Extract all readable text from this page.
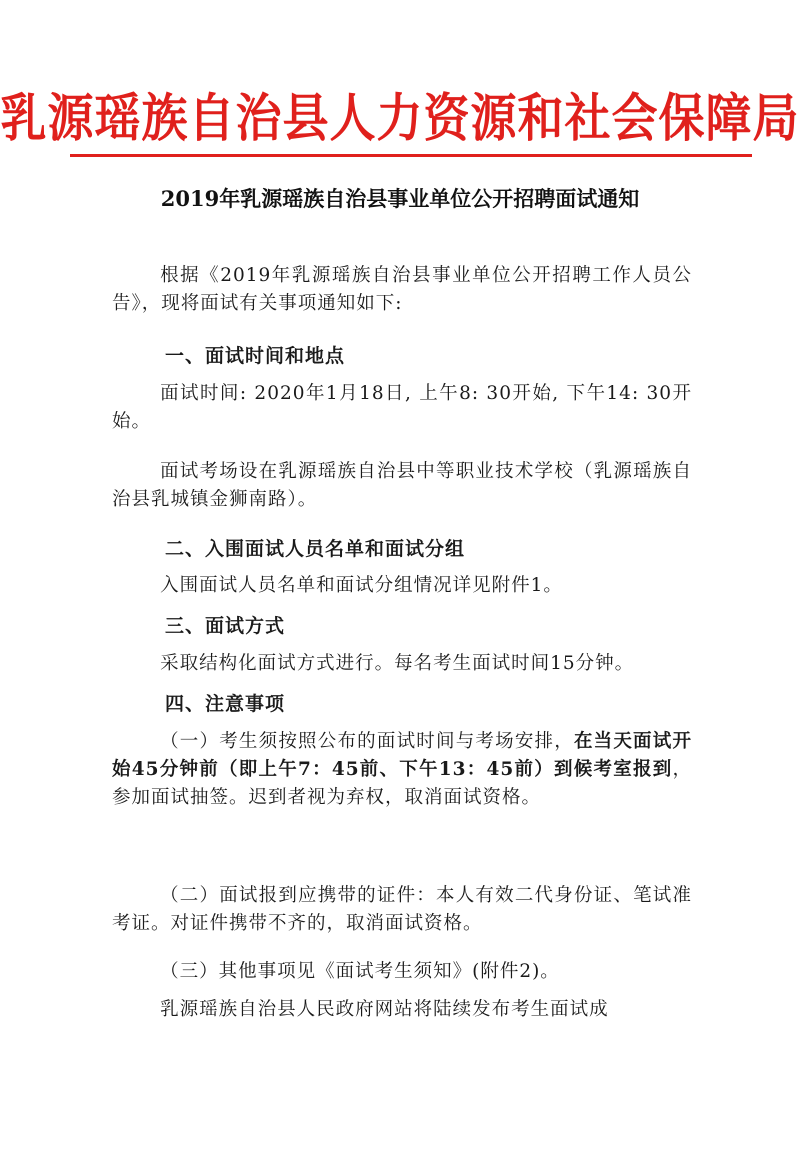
乳源瑶族自治县人力资源和社会保障局
2019年乳源瑶族自治县事业单位公开招聘面试通知
根据《2019年乳源瑶族自治县事业单位公开招聘工作人员公告》，现将面试有关事项通知如下:
一、面试时间和地点
面试时间: 2020年1月18日, 上午8: 30开始, 下午14: 30开始。
面试考场设在乳源瑶族自治县中等职业技术学校（乳源瑶族自治县乳城镇金狮南路）。
二、入围面试人员名单和面试分组
入围面试人员名单和面试分组情况详见附件1。
三、面试方式
采取结构化面试方式进行。每名考生面试时间15分钟。
四、注意事项
（一）考生须按照公布的面试时间与考场安排，在当天面试开始45分钟前（即上午7：45前、下午13：45前）到候考室报到，参加面试抽签。迟到者视为弃权，取消面试资格。
（二）面试报到应携带的证件：本人有效二代身份证、笔试准考证。对证件携带不齐的，取消面试资格。
（三）其他事项见《面试考生须知》(附件2)。
乳源瑶族自治县人民政府网站将陆续发布考生面试成
